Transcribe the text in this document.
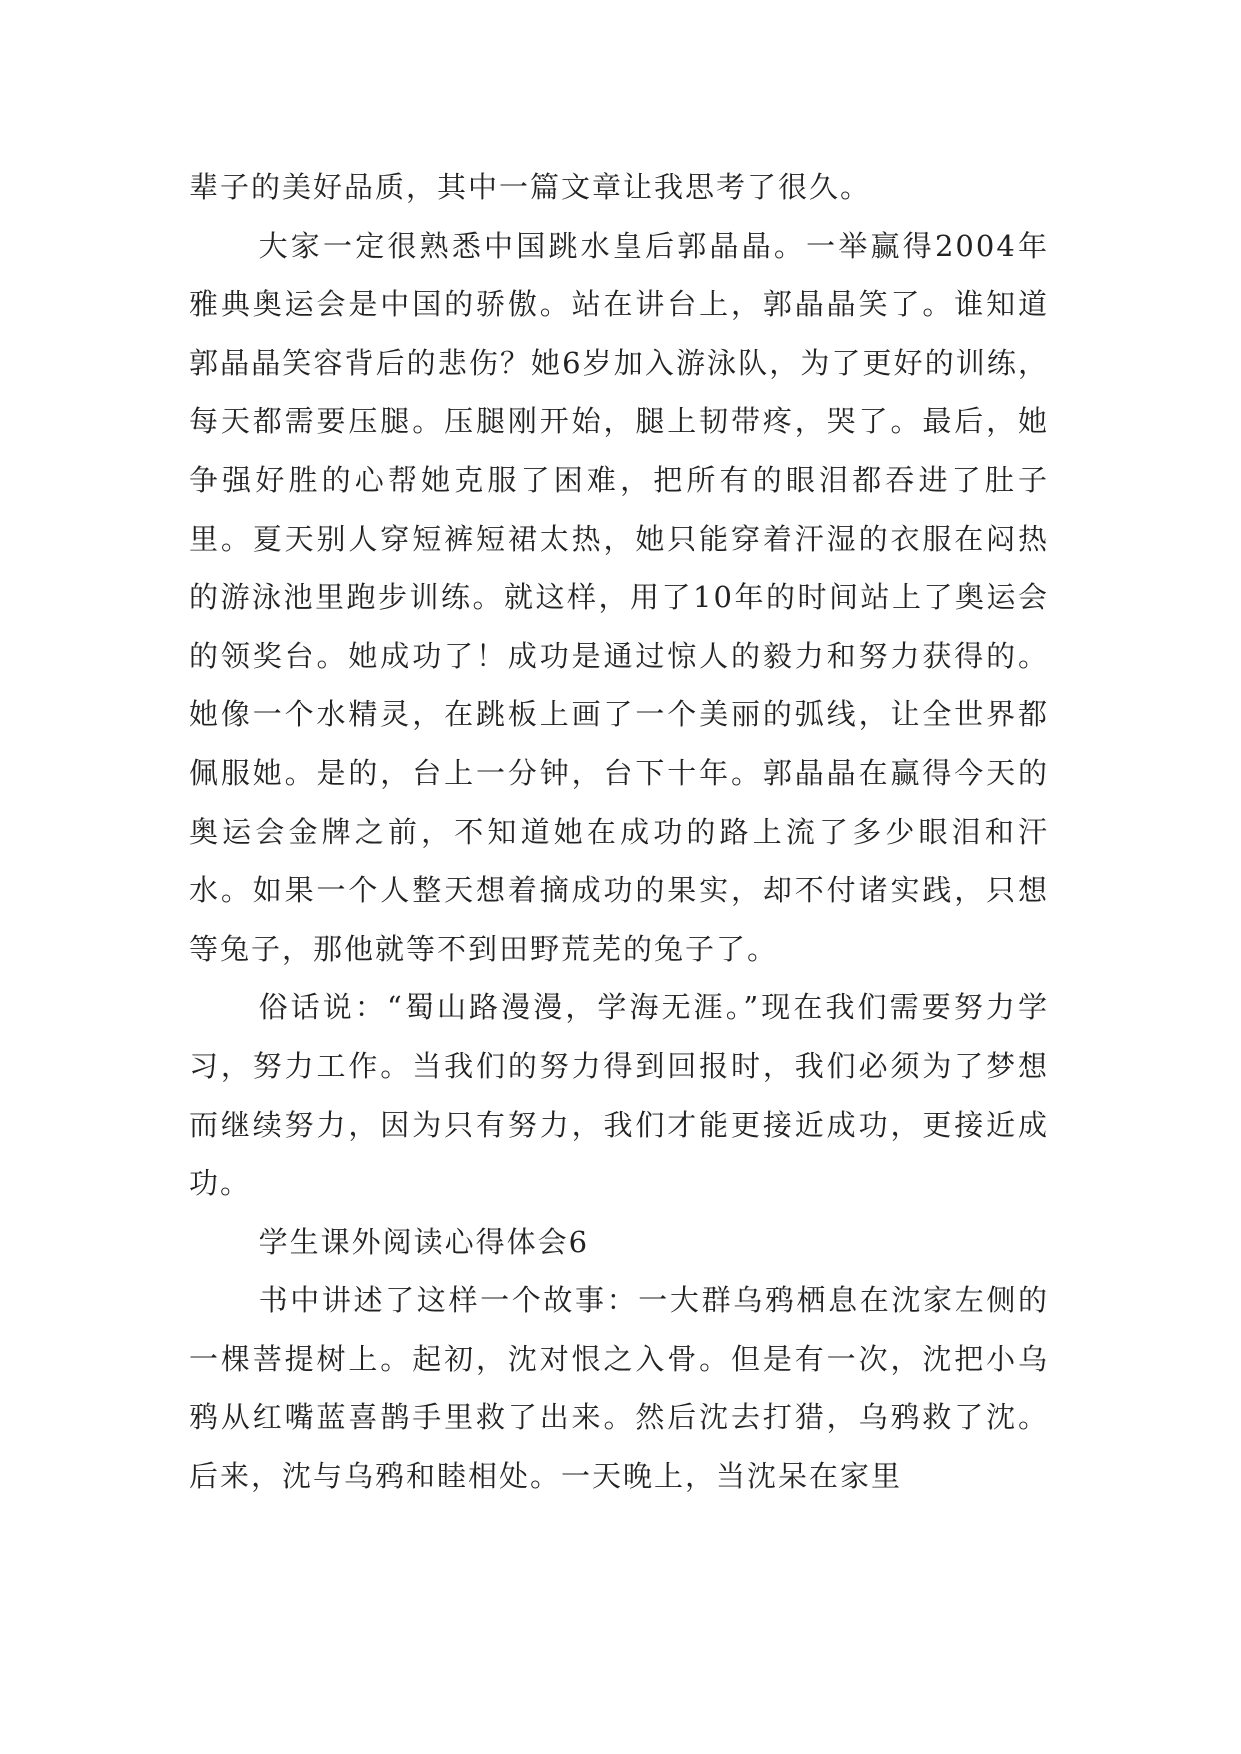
辈子的美好品质，其中一篇文章让我思考了很久。

大家一定很熟悉中国跳水皇后郭晶晶。一举赢得2004年雅典奥运会是中国的骄傲。站在讲台上，郭晶晶笑了。谁知道郭晶晶笑容背后的悲伤？她6岁加入游泳队，为了更好的训练，每天都需要压腿。压腿刚开始，腿上韧带疼，哭了。最后，她争强好胜的心帮她克服了困难，把所有的眼泪都吞进了肚子里。夏天别人穿短裤短裙太热，她只能穿着汗湿的衣服在闷热的游泳池里跑步训练。就这样，用了10年的时间站上了奥运会的领奖台。她成功了！成功是通过惊人的毅力和努力获得的。她像一个水精灵，在跳板上画了一个美丽的弧线，让全世界都佩服她。是的，台上一分钟，台下十年。郭晶晶在赢得今天的奥运会金牌之前，不知道她在成功的路上流了多少眼泪和汗水。如果一个人整天想着摘成功的果实，却不付诸实践，只想等兔子，那他就等不到田野荒芜的兔子了。

俗话说：“蜀山路漫漫，学海无涯。”现在我们需要努力学习，努力工作。当我们的努力得到回报时，我们必须为了梦想而继续努力，因为只有努力，我们才能更接近成功，更接近成功。

学生课外阅读心得体会6

书中讲述了这样一个故事：一大群乌鸦栖息在沈家左侧的一棵菩提树上。起初，沈对恨之入骨。但是有一次，沈把小乌鸦从红嘴蓝喜鹊手里救了出来。然后沈去打猎，乌鸦救了沈。后来，沈与乌鸦和睦相处。一天晚上，当沈呆在家里
